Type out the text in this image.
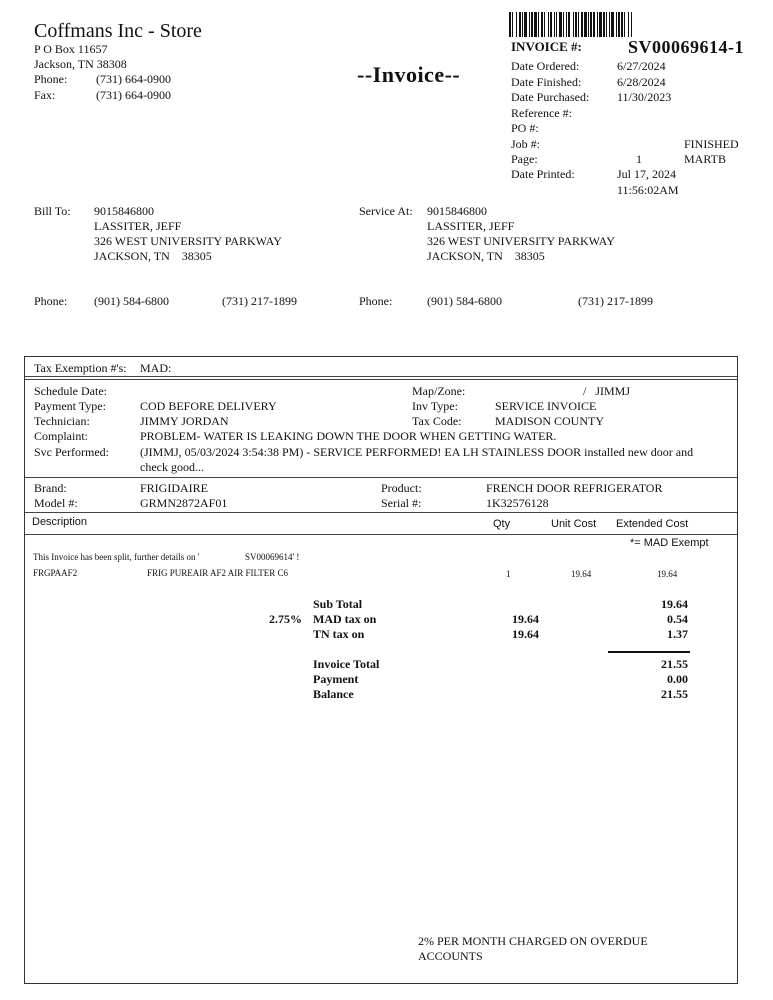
Coffmans Inc - Store
P O Box 11657
Jackson, TN 38308
Phone: (731) 664-0900
Fax:	(731) 664-0900
--Invoice--
INVOICE #:	SV00069614-1
Date Ordered:	6/27/2024
Date Finished:	6/28/2024
Date Purchased: 11/30/2023
Reference #:
PO #:
Job #:	FINISHED
Page:	1	MARTB
Date Printed:	Jul 17, 2024
11:56:02AM
Bill To: 9015846800
LASSITER, JEFF
326 WEST UNIVERSITY PARKWAY
JACKSON, TN    38305
Phone: (901) 584-6800	(731) 217-1899
Service At: 9015846800
LASSITER, JEFF
326 WEST UNIVERSITY PARKWAY
JACKSON, TN    38305
Phone:	(901) 584-6800	(731) 217-1899
Tax Exemption #'s: MAD:
Schedule Date:
Payment Type:	COD BEFORE DELIVERY
Technician:	JIMMY JORDAN
Complaint:	PROBLEM- WATER IS LEAKING DOWN THE DOOR WHEN GETTING WATER.
Svc Performed:	(JIMMJ, 05/03/2024 3:54:38 PM) - SERVICE PERFORMED! EA LH STAINLESS DOOR installed new door and
check good...
Map/Zone:	/   JIMMJ
Inv Type:	SERVICE INVOICE
Tax Code:	MADISON COUNTY
Brand:	FRIGIDAIRE
Model #:	GRMN2872AF01
Product:	FRENCH DOOR REFRIGERATOR
Serial #:	1K32576128
Description	Qty	Unit Cost Extended Cost
*= MAD Exempt
This Invoice has been split, further details on '	SV00069614' !
FRGPAAF2	FRIG PUREAIR AF2 AIR FILTER C6	1	19.64	19.64
Sub Total	19.64
2.75% MAD tax on	19.64	0.54
TN tax on	19.64	1.37
Invoice Total	21.55
Payment	0.00
Balance	21.55
2% PER MONTH CHARGED ON OVERDUE
ACCOUNTS
